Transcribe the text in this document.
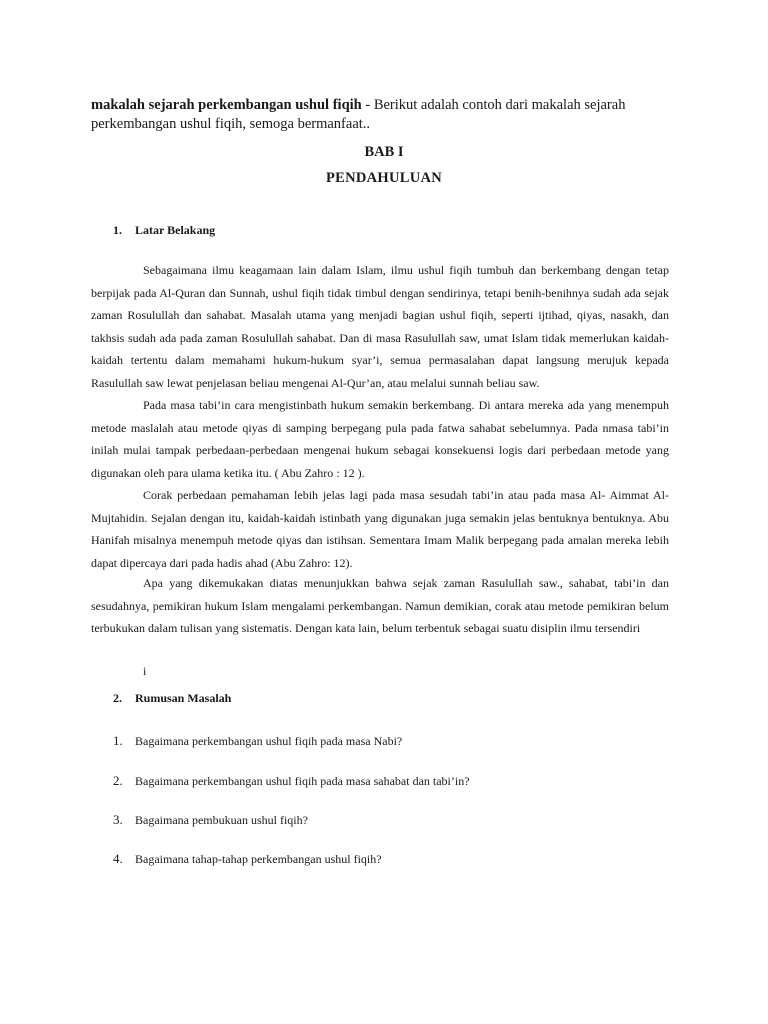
makalah sejarah perkembangan ushul fiqih - Berikut adalah contoh dari makalah sejarah perkembangan ushul fiqih, semoga bermanfaat..
BAB I
PENDAHULUAN
1. Latar Belakang

Sebagaimana ilmu keagamaan lain dalam Islam, ilmu ushul fiqih tumbuh dan berkembang dengan tetap berpijak pada Al-Quran dan Sunnah, ushul fiqih tidak timbul dengan sendirinya, tetapi benih-benihnya sudah ada sejak zaman Rosulullah dan sahabat. Masalah utama yang menjadi bagian ushul fiqih, seperti ijtihad, qiyas, nasakh, dan takhsis sudah ada pada zaman Rosulullah sahabat. Dan di masa Rasulullah saw, umat Islam tidak memerlukan kaidah-kaidah tertentu dalam memahami hukum-hukum syar’i, semua permasalahan dapat langsung merujuk kepada Rasulullah saw lewat penjelasan beliau mengenai Al-Qur’an, atau melalui sunnah beliau saw.

Pada masa tabi’in cara mengistinbath hukum semakin berkembang. Di antara mereka ada yang menempuh metode maslalah atau metode qiyas di samping berpegang pula pada fatwa sahabat sebelumnya. Pada nmasa tabi’in inilah mulai tampak perbedaan-perbedaan mengenai hukum sebagai konsekuensi logis dari perbedaan metode yang digunakan oleh para ulama ketika itu. ( Abu Zahro : 12 ).

Corak perbedaan pemahaman lebih jelas lagi pada masa sesudah tabi’in atau pada masa Al- Aimmat Al-Mujtahidin. Sejalan dengan itu, kaidah-kaidah istinbath yang digunakan juga semakin jelas bentuknya bentuknya. Abu Hanifah misalnya menempuh metode qiyas dan istihsan. Sementara Imam Malik berpegang pada amalan mereka lebih dapat dipercaya dari pada hadis ahad (Abu Zahro: 12).

Apa yang dikemukakan diatas menunjukkan bahwa sejak zaman Rasulullah saw., sahabat, tabi’in dan sesudahnya, pemikiran hukum Islam mengalami perkembangan. Namun demikian, corak atau metode pemikiran belum terbukukan dalam tulisan yang sistematis. Dengan kata lain, belum terbentuk sebagai suatu disiplin ilmu tersendiri

i
2. Rumusan Masalah
1. Bagaimana perkembangan ushul fiqih pada masa Nabi?
2. Bagaimana perkembangan ushul fiqih pada masa sahabat dan tabi’in?
3. Bagaimana pembukuan ushul fiqih?
4. Bagaimana tahap-tahap perkembangan ushul fiqih?
